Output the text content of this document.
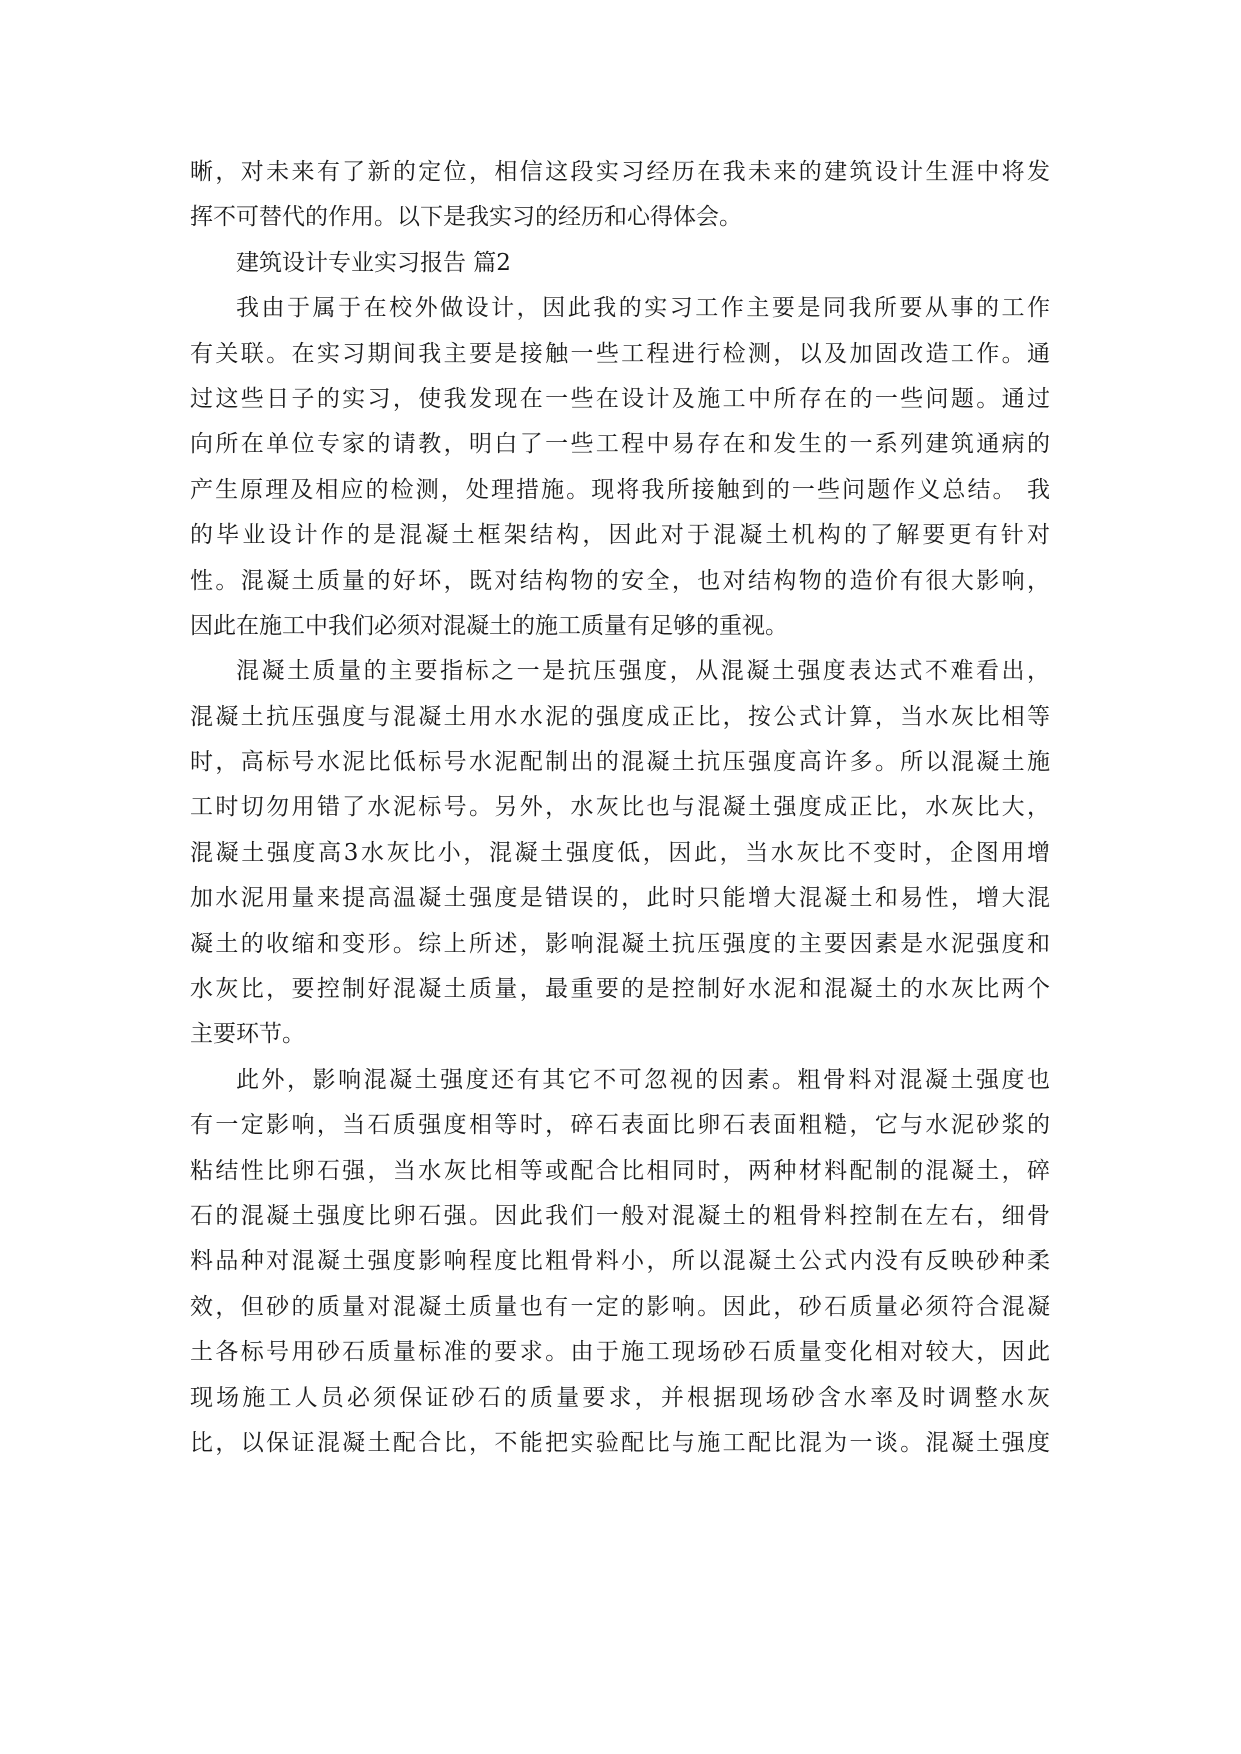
晰，对未来有了新的定位，相信这段实习经历在我未来的建筑设计生涯中将发
挥不可替代的作用。以下是我实习的经历和心得体会。
建筑设计专业实习报告 篇2
我由于属于在校外做设计，因此我的实习工作主要是同我所要从事的工作
有关联。在实习期间我主要是接触一些工程进行检测，以及加固改造工作。通
过这些日子的实习，使我发现在一些在设计及施工中所存在的一些问题。通过
向所在单位专家的请教，明白了一些工程中易存在和发生的一系列建筑通病的
产生原理及相应的检测，处理措施。现将我所接触到的一些问题作义总结。 我
的毕业设计作的是混凝土框架结构，因此对于混凝土机构的了解要更有针对
性。混凝土质量的好坏，既对结构物的安全，也对结构物的造价有很大影响，
因此在施工中我们必须对混凝土的施工质量有足够的重视。
混凝土质量的主要指标之一是抗压强度，从混凝土强度表达式不难看出，
混凝土抗压强度与混凝土用水水泥的强度成正比，按公式计算，当水灰比相等
时，高标号水泥比低标号水泥配制出的混凝土抗压强度高许多。所以混凝土施
工时切勿用错了水泥标号。另外，水灰比也与混凝土强度成正比，水灰比大，
混凝土强度高3水灰比小，混凝土强度低，因此，当水灰比不变时，企图用增
加水泥用量来提高温凝土强度是错误的，此时只能增大混凝土和易性，增大混
凝土的收缩和变形。综上所述，影响混凝土抗压强度的主要因素是水泥强度和
水灰比，要控制好混凝土质量，最重要的是控制好水泥和混凝土的水灰比两个
主要环节。
此外，影响混凝土强度还有其它不可忽视的因素。粗骨料对混凝土强度也
有一定影响，当石质强度相等时，碎石表面比卵石表面粗糙，它与水泥砂浆的
粘结性比卵石强，当水灰比相等或配合比相同时，两种材料配制的混凝土，碎
石的混凝土强度比卵石强。因此我们一般对混凝土的粗骨料控制在左右，细骨
料品种对混凝土强度影响程度比粗骨料小，所以混凝土公式内没有反映砂种柔
效，但砂的质量对混凝土质量也有一定的影响。因此，砂石质量必须符合混凝
土各标号用砂石质量标准的要求。由于施工现场砂石质量变化相对较大，因此
现场施工人员必须保证砂石的质量要求，并根据现场砂含水率及时调整水灰
比，以保证混凝土配合比，不能把实验配比与施工配比混为一谈。混凝土强度
